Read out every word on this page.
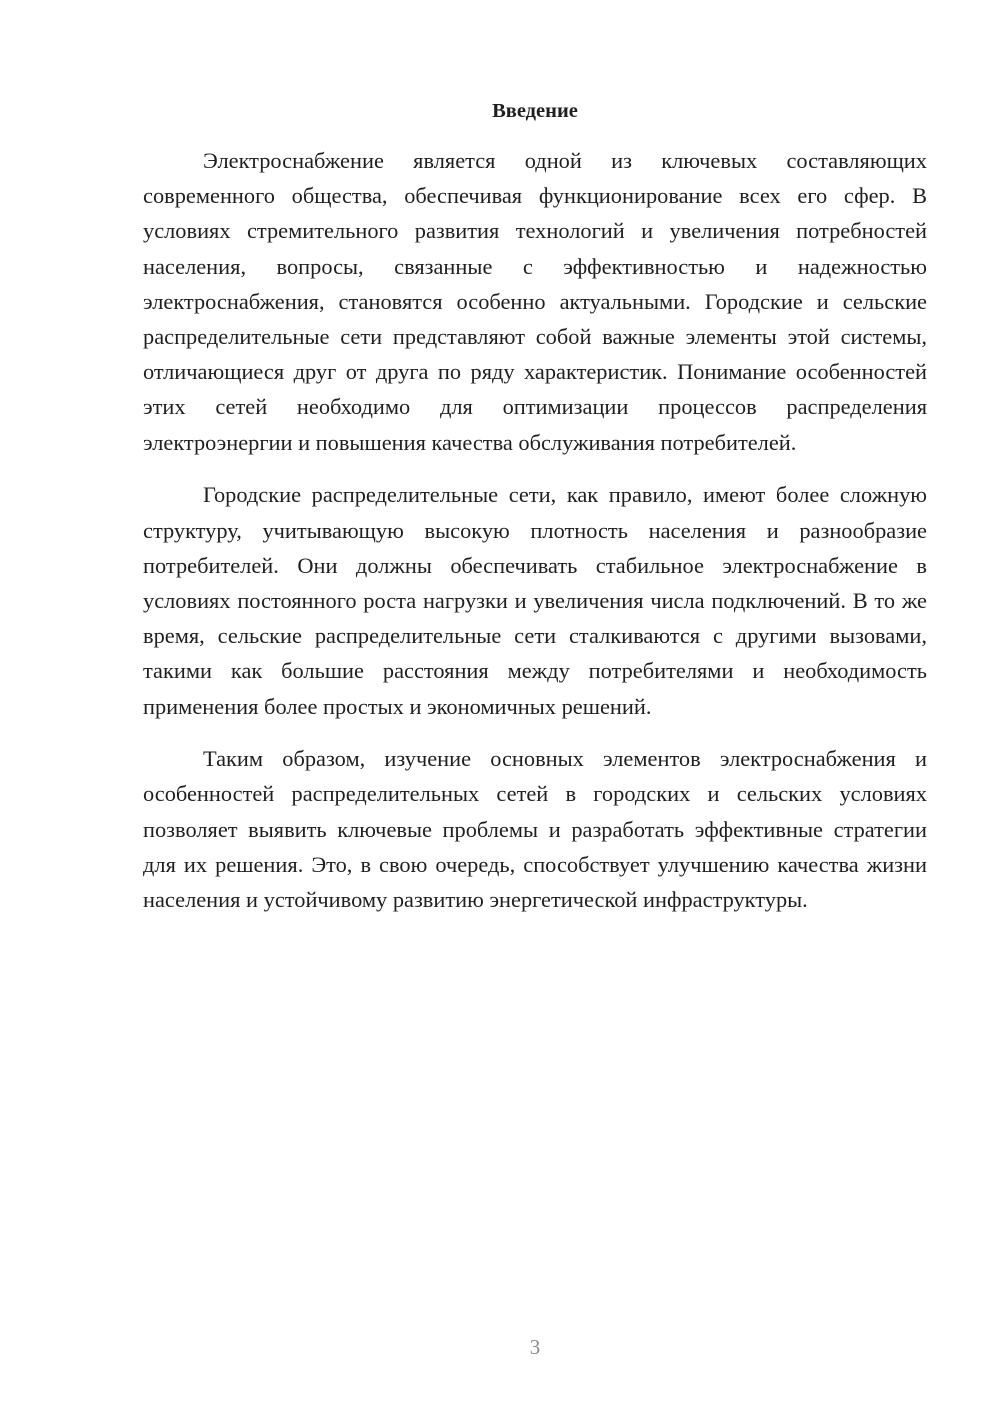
Введение

Электроснабжение является одной из ключевых составляющих современного общества, обеспечивая функционирование всех его сфер. В условиях стремительного развития технологий и увеличения потребностей населения, вопросы, связанные с эффективностью и надежностью электроснабжения, становятся особенно актуальными. Городские и сельские распределительные сети представляют собой важные элементы этой системы, отличающиеся друг от друга по ряду характеристик. Понимание особенностей этих сетей необходимо для оптимизации процессов распределения электроэнергии и повышения качества обслуживания потребителей.

Городские распределительные сети, как правило, имеют более сложную структуру, учитывающую высокую плотность населения и разнообразие потребителей. Они должны обеспечивать стабильное электроснабжение в условиях постоянного роста нагрузки и увеличения числа подключений. В то же время, сельские распределительные сети сталкиваются с другими вызовами, такими как большие расстояния между потребителями и необходимость применения более простых и экономичных решений.

Таким образом, изучение основных элементов электроснабжения и особенностей распределительных сетей в городских и сельских условиях позволяет выявить ключевые проблемы и разработать эффективные стратегии для их решения. Это, в свою очередь, способствует улучшению качества жизни населения и устойчивому развитию энергетической инфраструктуры.

3
